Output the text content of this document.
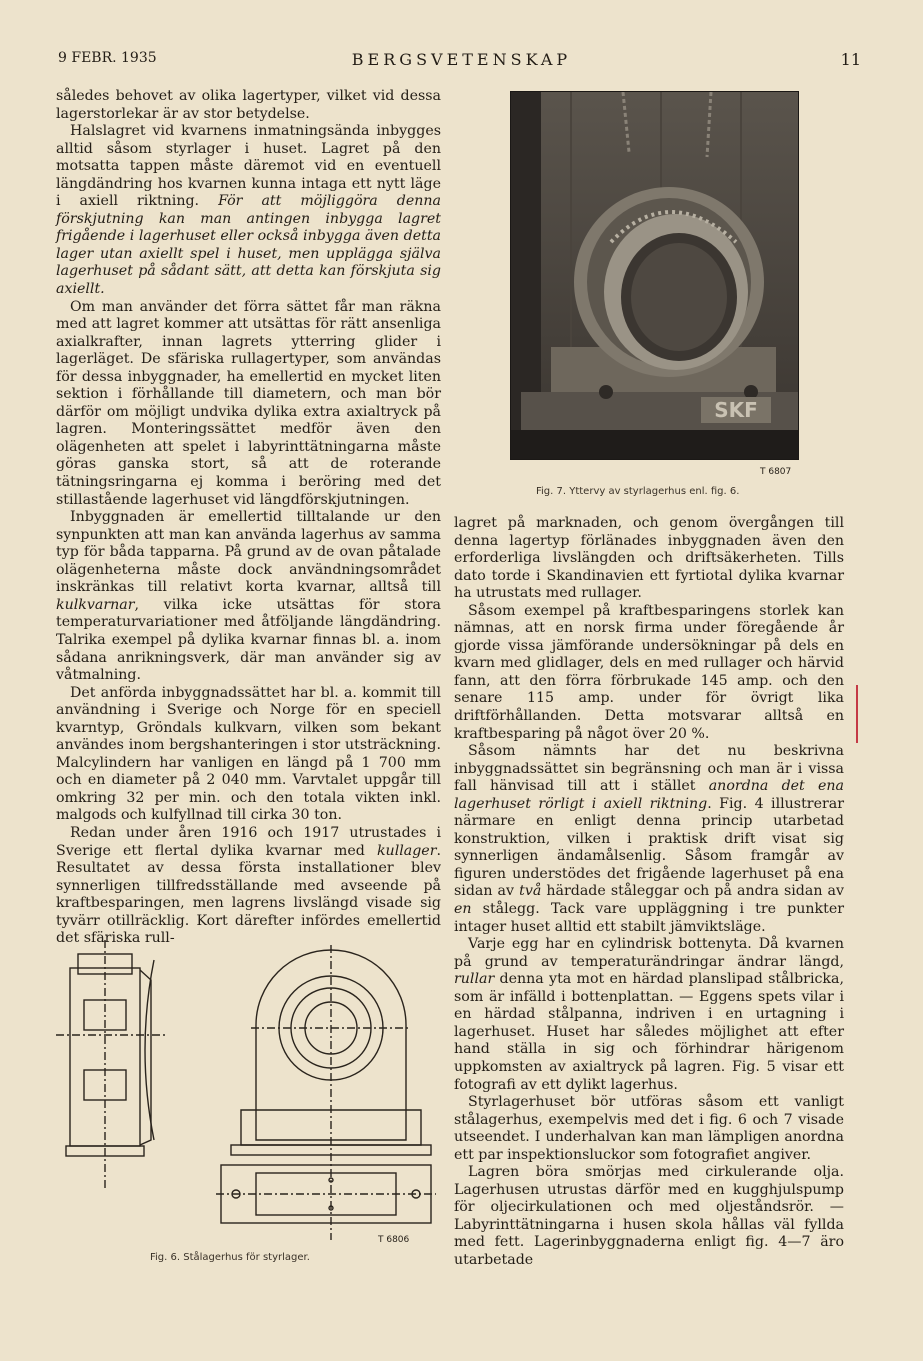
9 FEBR. 1935	BERGSVETENSKAP	11

således behovet av olika lagertyper, vilket vid dessa lagerstorlekar är av stor betydelse.

Halslagret vid kvarnens inmatningsända inbygges alltid såsom styrlager i huset. Lagret på den motsatta tappen måste däremot vid en eventuell längdändring hos kvarnen kunna intaga ett nytt läge i axiell riktning. För att möjliggöra denna förskjutning kan man antingen inbygga lagret frigående i lagerhuset eller också inbygga även detta lager utan axiellt spel i huset, men upplägga själva lagerhuset på sådant sätt, att detta kan förskjuta sig axiellt.

Om man använder det förra sättet får man räkna med att lagret kommer att utsättas för rätt ansenliga axialkrafter, innan lagrets ytterring glider i lagerläget. De sfäriska rullagertyper, som användas för dessa inbyggnader, ha emellertid en mycket liten sektion i förhållande till diametern, och man bör därför om möjligt undvika dylika extra axialtryck på lagren. Monteringssättet medför även den olägenheten att spelet i labyrinttätningarna måste göras ganska stort, så att de roterande tätningsringarna ej komma i beröring med det stillastående lagerhuset vid längdförskjutningen.

Inbyggnaden är emellertid tilltalande ur den synpunkten att man kan använda lagerhus av samma typ för båda tapparna. På grund av de ovan påtalade olägenheterna måste dock användningsområdet inskränkas till relativt korta kvarnar, alltså till kulkvarnar, vilka icke utsättas för stora temperaturvariationer med åtföljande längdändring. Talrika exempel på dylika kvarnar finnas bl. a. inom sådana anrikningsverk, där man använder sig av våtmalning.

Det anförda inbyggnadssättet har bl. a. kommit till användning i Sverige och Norge för en speciell kvarntyp, Gröndals kulkvarn, vilken som bekant användes inom bergshanteringen i stor utsträckning. Malcylindern har vanligen en längd på 1 700 mm och en diameter på 2 040 mm. Varvtalet uppgår till omkring 32 per min. och den totala vikten inkl. malgods och kulfyllnad till cirka 30 ton.

Redan under åren 1916 och 1917 utrustades i Sverige ett flertal dylika kvarnar med kullager. Resultatet av dessa första installationer blev synnerligen tillfredsställande med avseende på kraftbesparingen, men lagrens livslängd visade sig tyvärr otillräcklig. Kort därefter infördes emellertid det sfäriska rull-

SKF
T 6807
Fig. 7. Yttervy av styrlagerhus enl. fig. 6.

lagret på marknaden, och genom övergången till denna lagertyp förlänades inbyggnaden även den erforderliga livslängden och driftsäkerheten. Tills dato torde i Skandinavien ett fyrtiotal dylika kvarnar ha utrustats med rullager.

Såsom exempel på kraftbesparingens storlek kan nämnas, att en norsk firma under föregående år gjorde vissa jämförande undersökningar på dels en kvarn med glidlager, dels en med rullager och härvid fann, att den förra förbrukade 145 amp. och den senare 115 amp. under för övrigt lika driftförhållanden. Detta motsvarar alltså en kraftbesparing på något över 20 %.

Såsom nämnts har det nu beskrivna inbyggnadssättet sin begränsning och man är i vissa fall hänvisad till att i stället anordna det ena lagerhuset rörligt i axiell riktning. Fig. 4 illustrerar närmare en enligt denna princip utarbetad konstruktion, vilken i praktisk drift visat sig synnerligen ändamålsenlig. Såsom framgår av figuren understödes det frigående lagerhuset på ena sidan av två härdade ståleggar och på andra sidan av en stålegg. Tack vare uppläggning i tre punkter intager huset alltid ett stabilt jämviktsläge.

Varje egg har en cylindrisk bottenyta. Då kvarnen på grund av temperaturändringar ändrar längd, rullar denna yta mot en härdad planslipad stålbricka, som är infälld i bottenplattan. — Eggens spets vilar i en härdad stålpanna, indriven i en urtagning i lagerhuset. Huset har således möjlighet att efter hand ställa in sig och förhindrar härigenom uppkomsten av axialtryck på lagren. Fig. 5 visar ett fotografi av ett dylikt lagerhus.

Styrlagerhuset bör utföras såsom ett vanligt stålagerhus, exempelvis med det i fig. 6 och 7 visade utseendet. I underhalvan kan man lämpligen anordna ett par inspektionsluckor som fotografiet angiver.

Lagren böra smörjas med cirkulerande olja. Lagerhusen utrustas därför med en kugghjulspump för oljecirkulationen och med oljeståndsrör. — Labyrinttätningarna i husen skola hållas väl fyllda med fett. Lagerinbyggnaderna enligt fig. 4—7 äro utarbetade

T 6806
Fig. 6. Stålagerhus för styrlager.
